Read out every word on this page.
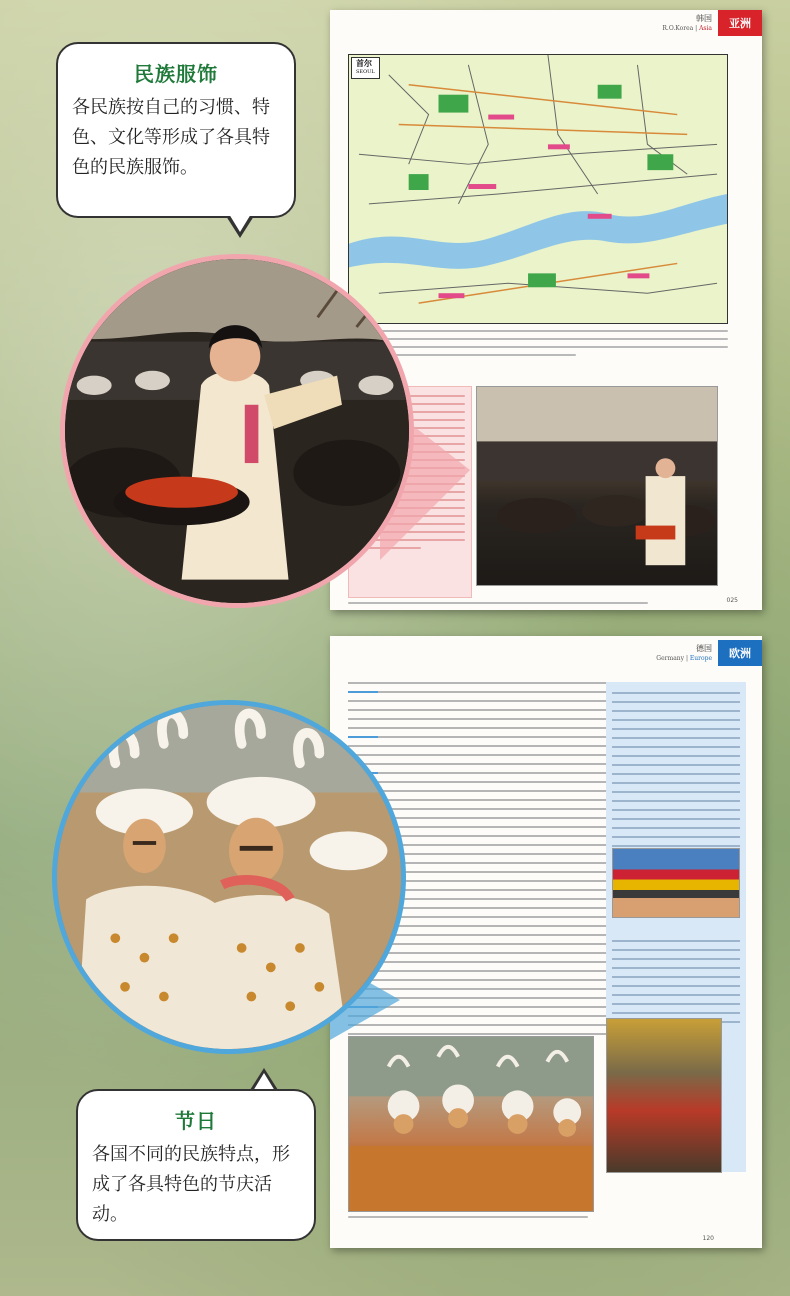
韩国
R.O.Korea | Asia	亚洲
首尔
SEOUL
025
德国
Germany | Europe	欧洲
120
民族服饰
各民族按自己的习惯、特色、文化等形成了各具特色的民族服饰。
节日
各国不同的民族特点，形成了各具特色的节庆活动。
